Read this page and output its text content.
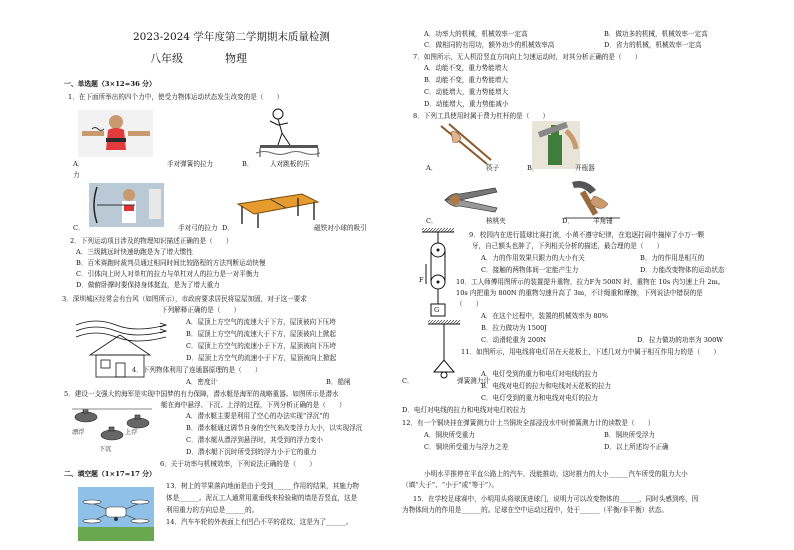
2023-2024 学年度第二学期期末质量检测
八年级	物理
一、单选题（3×12=36 分）
1．在下面所举出的四个力中，使受力物体运动状态发生改变的是（　　）
A．	手对弹簧的拉力
力
B．	人对跳板的压
C．	手对弓的拉力	磁铁对小球的吸引
D．
2．下列运动项目涉及的物理知识描述正确的是（　　）
A．三级跳远时快速助跑是为了增大惯性
B．百米赛跑时裁判员通过相同时间比较路程的方法判断运动快慢
C．引体向上时人对单杠的拉力与单杠对人的拉力是一对平衡力
D．做俯卧撑时要保持身体挺直，是为了增大重力
3．深圳城区经常会有台风（如图所示），市政府要求居民将屋屋加固，对于这一要求
下列解释正确的是（　　）
A．屋顶上方空气的流速大于下方，屋顶被向下压垮
B．屋顶上方空气的流速大于下方，屋顶被向上掀起
C．屋顶上方空气的流速小于下方，屋顶被向下压垮
D．屋顶上方空气的流速小于下方，屋顶被向上掀起
4．下列物体利用了连通器原理的是（　　）
A．密度计	B．船闸
5．建设一支强大的海军是实现中国梦的有力保障，潜水艇是海军的战略重器。如图所示是潜水
艇在海中悬浮、下沉、上浮的过程，下列分析正确的是（　　）
漂浮
下沉
上浮
A．潜水艇主要是利用了空心的办法实现“浮沉”的
B．潜水艇通过调节自身的空气来改变浮力大小，以实现浮沉
C．潜水艇从漂浮到悬浮时，其受到的浮力变小
D．潜水艇下沉时所受到的浮力小于它的重力
6．关于功率与机械效率，下列说法正确的是（　　）
二、填空题（1×17=17 分）
13．树上的苹果落向地面是由于受到______作用的结果，其施力物
体是______。泥瓦工人通常用重垂线来检验砌的墙是否竖直，这是
利用重力的方向总是______的。
14．汽车车轮的外表面上有凹凸不平的花纹，这是为了______。
A．功率大的机械，机械效率一定高	B．做功多的机械，机械效率一定高
C．做相同的有用功，额外功少的机械效率高	D．省力的机械，机械效率一定高
7．如图所示，无人机沿竖直方向向上匀速运动时，对其分析正确的是（　　）
A．动能不变，重力势能增大
B．动能不变，重力势能增大
C．动能增大，重力势能增大
D．动能增大，重力势能减小
8．下列工具使用时属于费力杠杆的是（　　）
A．	筷子	B．	开瓶器
C．	核桃夹	D．	羊角锤
F
G
9．校园内在进行篮球比赛打滚，小黄不遵守纪律，在追逐打闹中撞掉了小万一颗
牙，自己额头也肿了，下列相关分析的描述，最合理的是（　　）
A．力的作用效果只跟力的大小有关	B．力的作用是相互的
C．接触的两物体间一定能产生力	D．力能改变物体的运动状态
10．工人师傅用图所示的装置提升重物，拉力F为 500N 时，重物在 10s 内匀速上升 2m。
10s 内把重为 800N 的重物匀速升高了 3m，不计绳重和摩擦，下列说法中错误的是
（　　）
A．在这个过程中，装置的机械效率为 80%
B．拉力做功为 1500J
C．动滑轮重为 200N	D．拉力做功的功率为 300W
C．
11．如图所示，用电线将电灯吊在天花板上，下述几对力中属于相互作用力的是（　　）
A．电灯受到的重力和电灯对电线的拉力
B．电线对电灯的拉力和电线对天花板的拉力
C．电灯受到的重力和电线对电灯的拉力
弹簧测力计
D．电灯对电线的拉力和电线对电灯的拉力
12．有一个铜块挂在弹簧测力计上当铜块全部浸没水中时弹簧测力计的读数是（　　）
A．铜块所受重力	B．铜块所受浮力
C．铜块所受重力与浮力之差	D．以上所述均不正确
小明水平推停在平直公路上的汽车，没能推动，这时推力的大小______汽车所受的阻力大小
（填“大于”、“小于”或“等于”）。
15．在学校足球赛中，小明用头将球顶进球门，说明力可以改变物体的______，同时头感到疼，因
为物体间力的作用是______的。足球在空中运动过程中，处于______（平衡/非平衡）状态。
